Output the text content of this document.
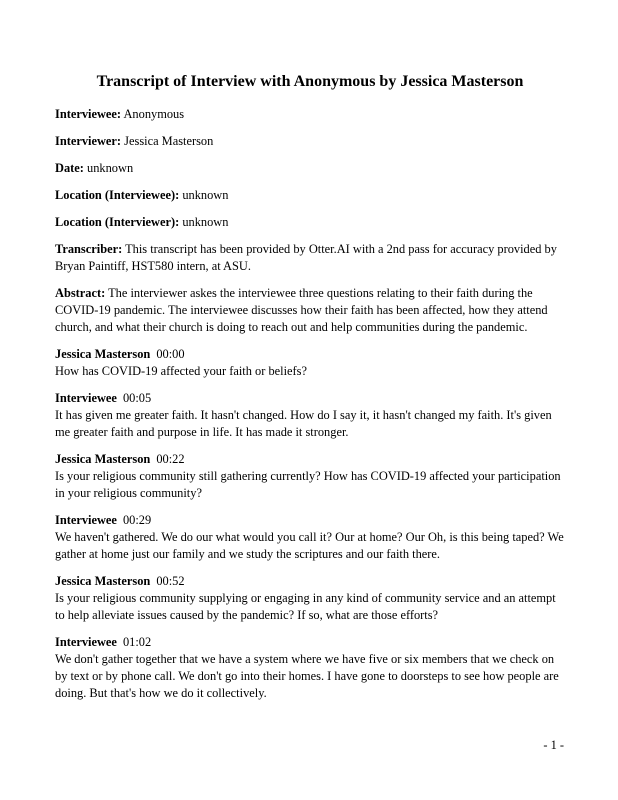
Transcript of Interview with Anonymous by Jessica Masterson
Interviewee: Anonymous
Interviewer: Jessica Masterson
Date: unknown
Location (Interviewee): unknown
Location (Interviewer): unknown
Transcriber: This transcript has been provided by Otter.AI with a 2nd pass for accuracy provided by Bryan Paintiff, HST580 intern, at ASU.
Abstract: The interviewer askes the interviewee three questions relating to their faith during the COVID-19 pandemic. The interviewee discusses how their faith has been affected, how they attend church, and what their church is doing to reach out and help communities during the pandemic.
Jessica Masterson 00:00
How has COVID-19 affected your faith or beliefs?
Interviewee 00:05
It has given me greater faith. It hasn't changed. How do I say it, it hasn't changed my faith. It's given me greater faith and purpose in life. It has made it stronger.
Jessica Masterson 00:22
Is your religious community still gathering currently? How has COVID-19 affected your participation in your religious community?
Interviewee 00:29
We haven't gathered. We do our what would you call it? Our at home? Our Oh, is this being taped? We gather at home just our family and we study the scriptures and our faith there.
Jessica Masterson 00:52
Is your religious community supplying or engaging in any kind of community service and an attempt to help alleviate issues caused by the pandemic? If so, what are those efforts?
Interviewee 01:02
We don't gather together that we have a system where we have five or six members that we check on by text or by phone call. We don't go into their homes. I have gone to doorsteps to see how people are doing. But that's how we do it collectively.
- 1 -
